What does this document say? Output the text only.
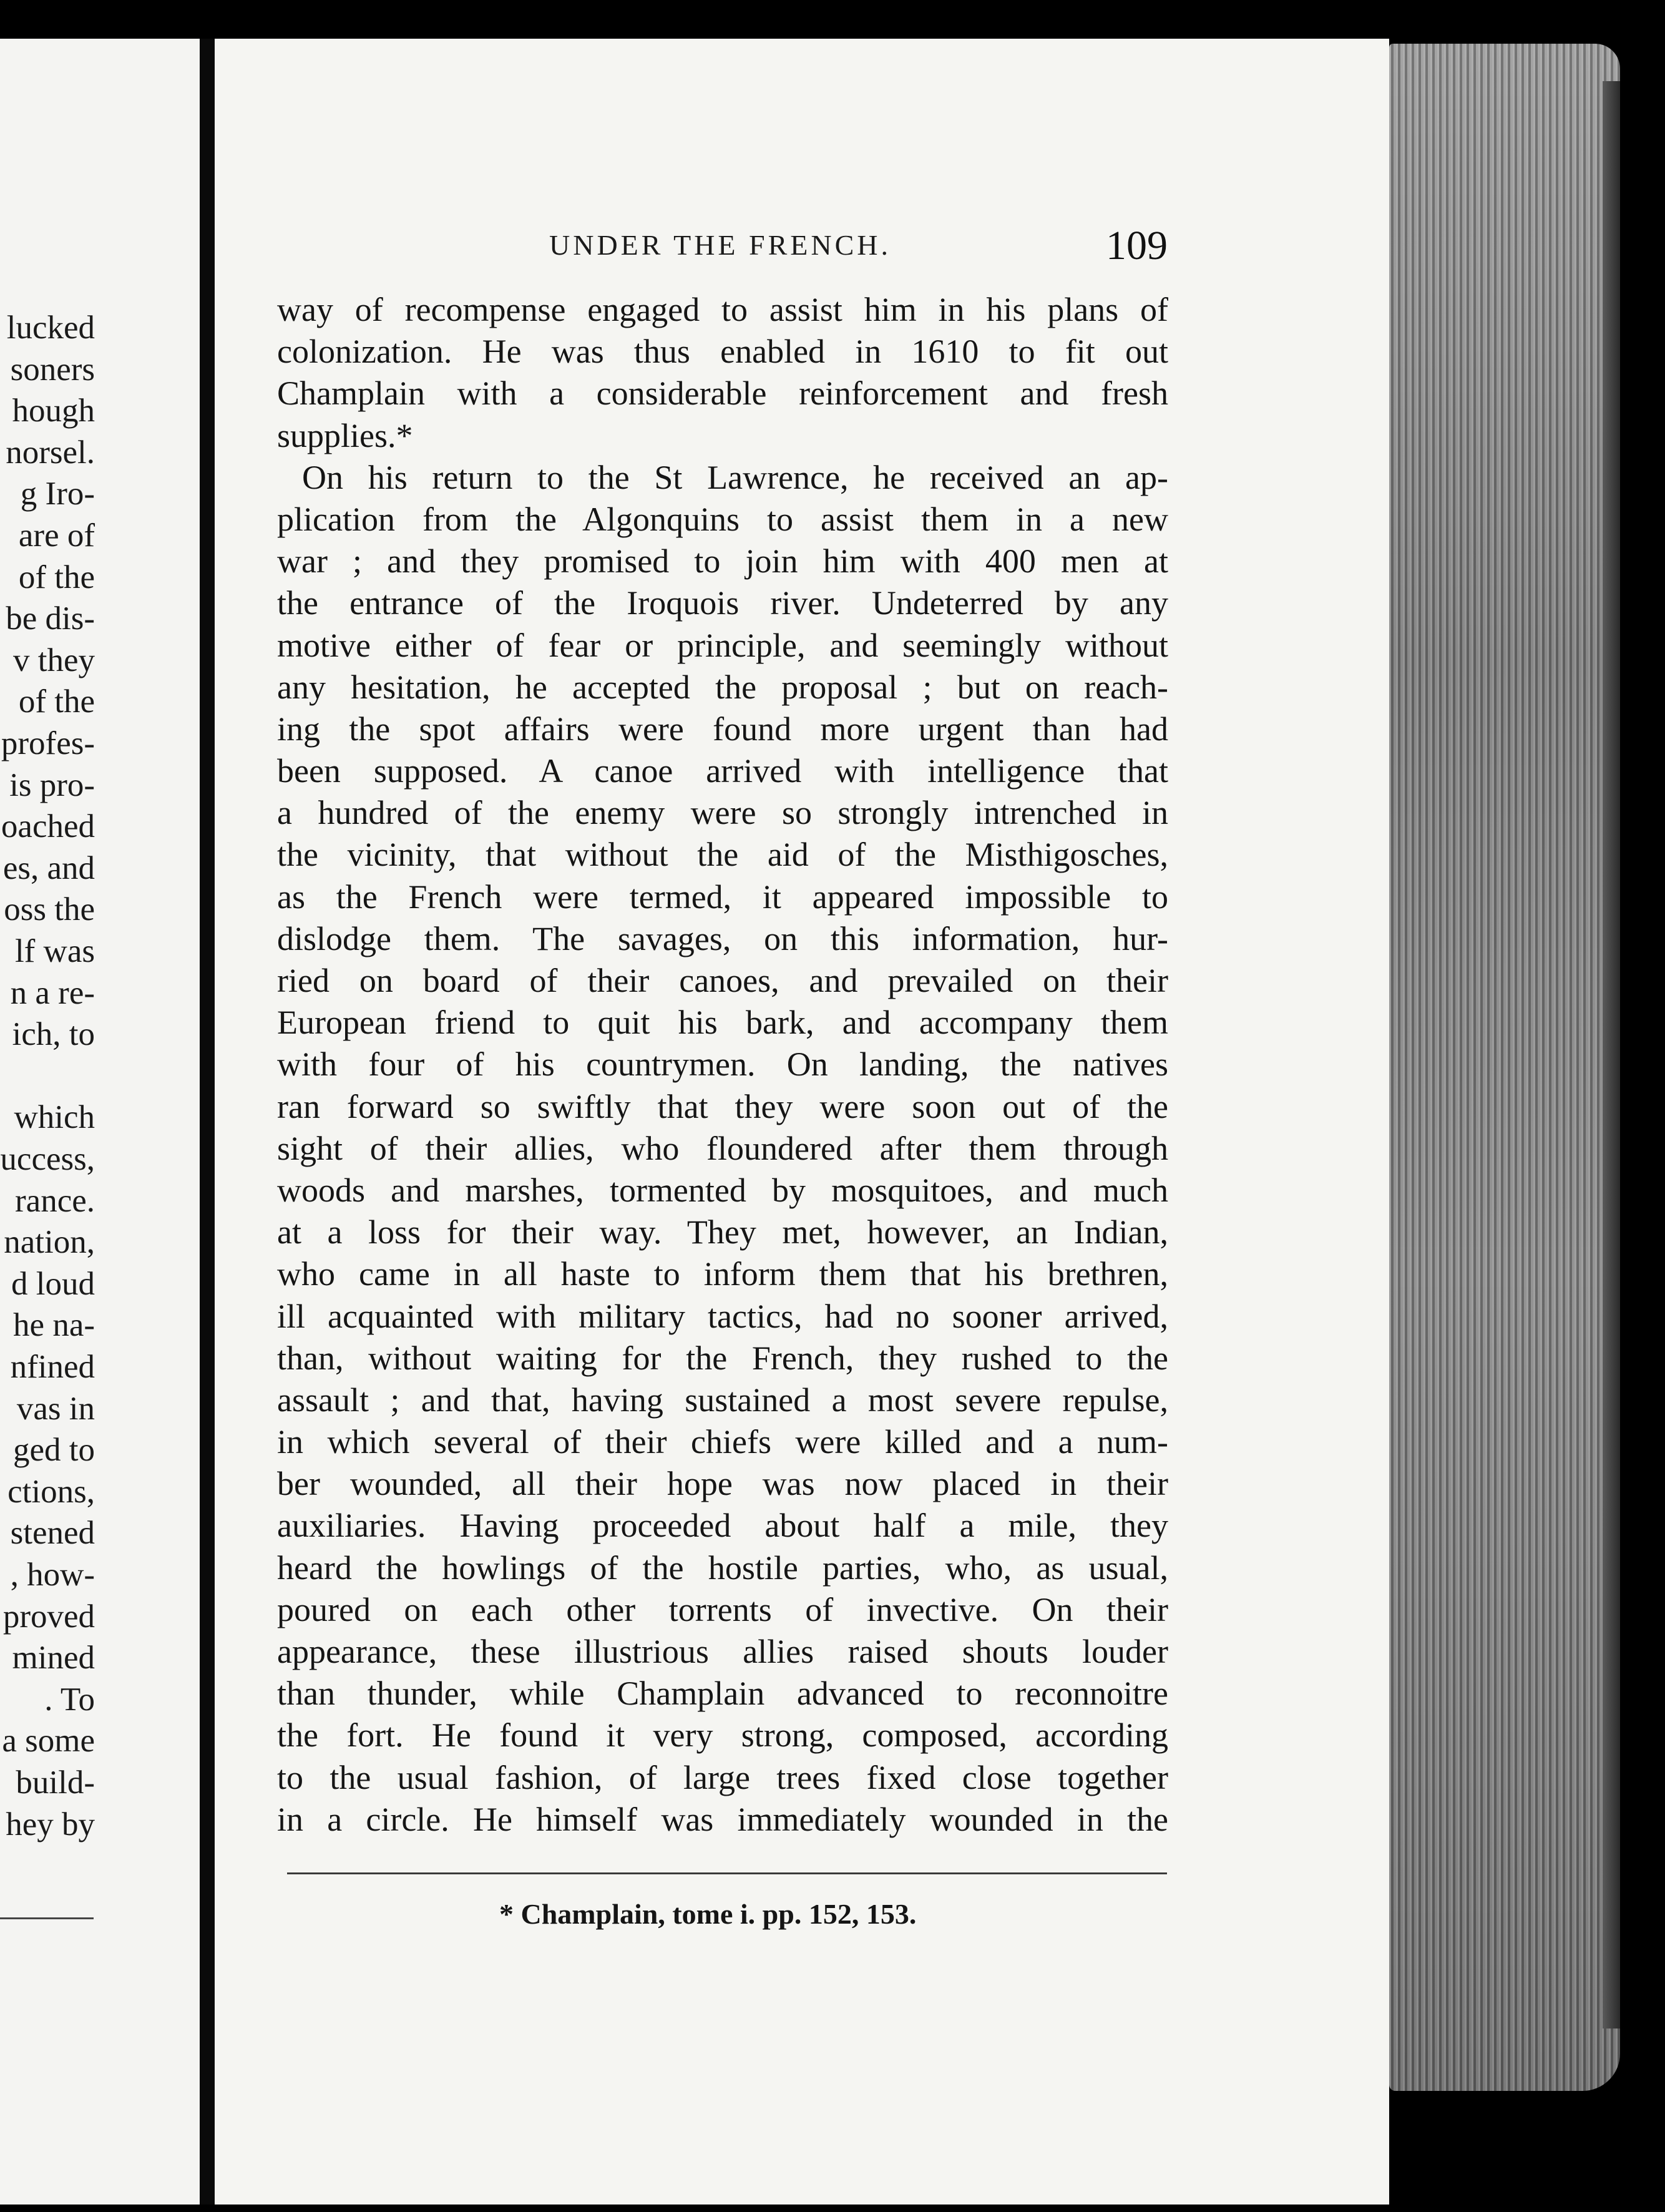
lucked
soners
hough
norsel.
g Iro-
are of
of the
be dis-
v they
of the
profes-
is pro-
oached
es, and
oss the
lf was
n a re-
ich, to
which
uccess,
rance.
nation,
d loud
he na-
nfined
vas in
ged to
ctions,
stened
, how-
proved
mined
. To
a some
build-
hey by
UNDER THE FRENCH.	109
way of recompense engaged to assist him in his plans of
colonization. He was thus enabled in 1610 to fit out
Champlain with a considerable reinforcement and fresh
supplies.*
On his return to the St Lawrence, he received an ap-
plication from the Algonquins to assist them in a new
war ; and they promised to join him with 400 men at
the entrance of the Iroquois river. Undeterred by any
motive either of fear or principle, and seemingly without
any hesitation, he accepted the proposal ; but on reach-
ing the spot affairs were found more urgent than had
been supposed. A canoe arrived with intelligence that
a hundred of the enemy were so strongly intrenched in
the vicinity, that without the aid of the Misthigosches,
as the French were termed, it appeared impossible to
dislodge them. The savages, on this information, hur-
ried on board of their canoes, and prevailed on their
European friend to quit his bark, and accompany them
with four of his countrymen. On landing, the natives
ran forward so swiftly that they were soon out of the
sight of their allies, who floundered after them through
woods and marshes, tormented by mosquitoes, and much
at a loss for their way. They met, however, an Indian,
who came in all haste to inform them that his brethren,
ill acquainted with military tactics, had no sooner arrived,
than, without waiting for the French, they rushed to the
assault ; and that, having sustained a most severe repulse,
in which several of their chiefs were killed and a num-
ber wounded, all their hope was now placed in their
auxiliaries. Having proceeded about half a mile, they
heard the howlings of the hostile parties, who, as usual,
poured on each other torrents of invective. On their
appearance, these illustrious allies raised shouts louder
than thunder, while Champlain advanced to reconnoitre
the fort. He found it very strong, composed, according
to the usual fashion, of large trees fixed close together
in a circle. He himself was immediately wounded in the
* Champlain, tome i. pp. 152, 153.
